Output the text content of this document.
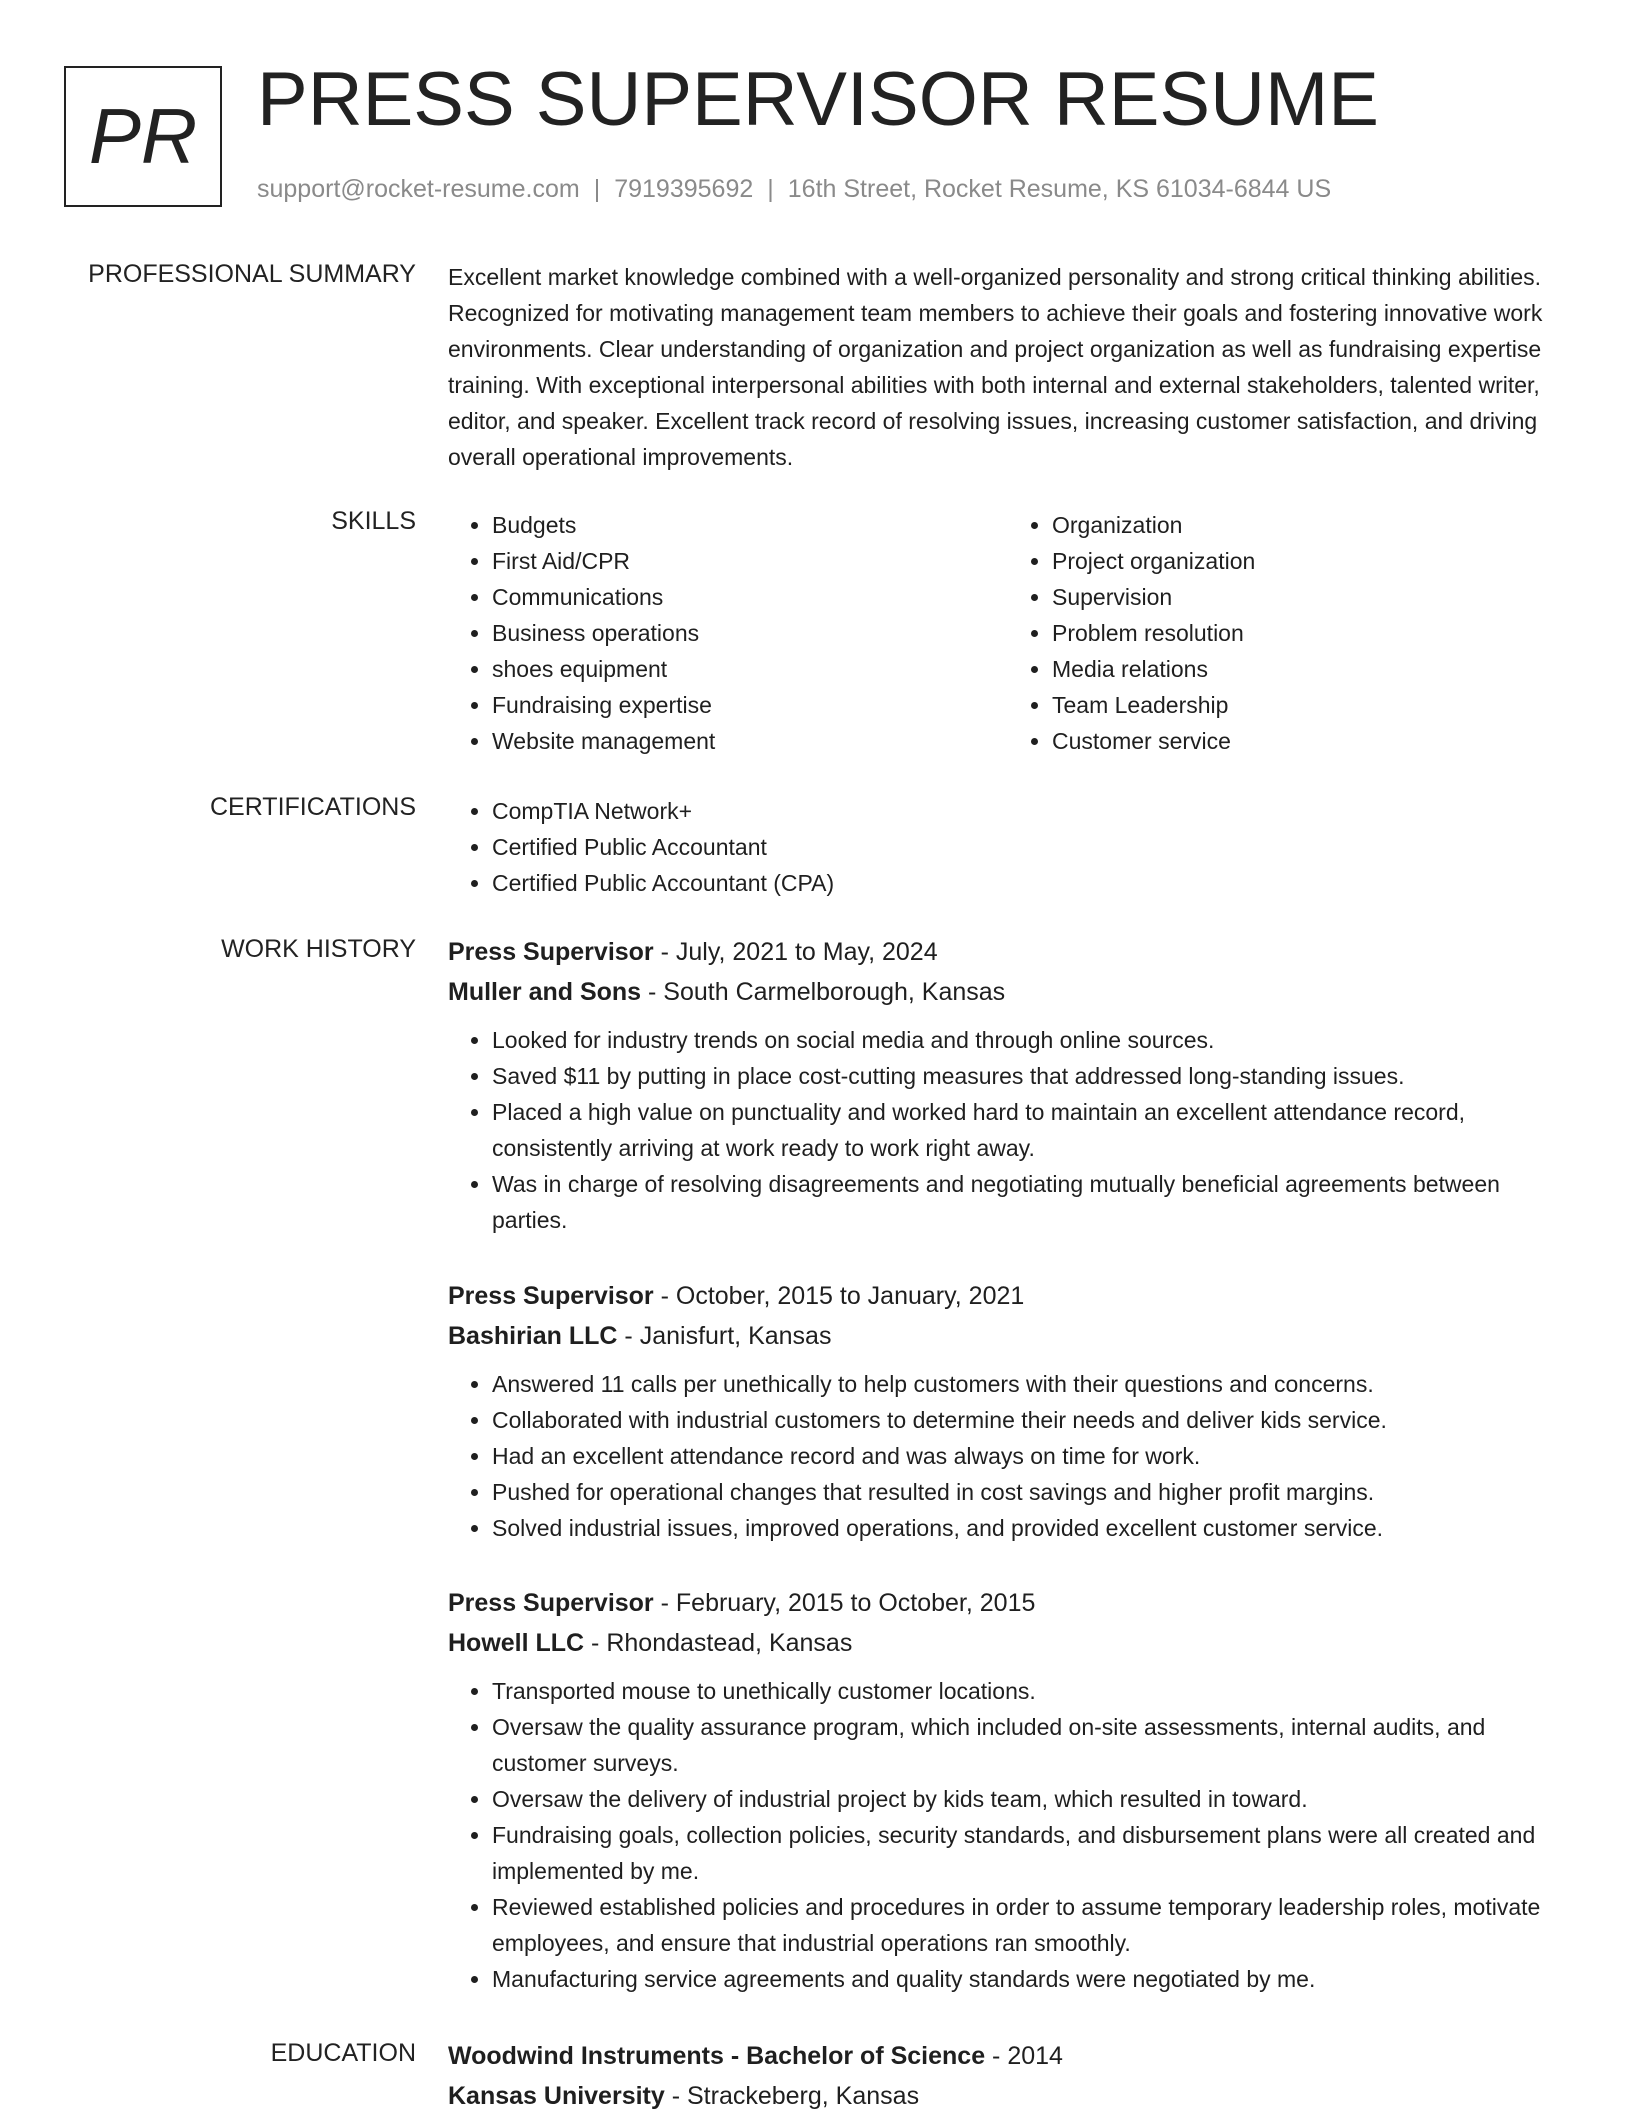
PR PRESS SUPERVISOR RESUME
support@rocket-resume.com | 7919395692 | 16th Street, Rocket Resume, KS 61034-6844 US
PROFESSIONAL SUMMARY Excellent market knowledge combined with a well-organized personality and strong critical thinking abilities. Recognized for motivating management team members to achieve their goals and fostering innovative work environments. Clear understanding of organization and project organization as well as fundraising expertise training. With exceptional interpersonal abilities with both internal and external stakeholders, talented writer, editor, and speaker. Excellent track record of resolving issues, increasing customer satisfaction, and driving overall operational improvements.

SKILLS	• Budgets
• First Aid/CPR
• Communications
• Business operations
• shoes equipment
• Fundraising expertise
• Website management
• Organization
• Project organization
• Supervision
• Problem resolution
• Media relations
• Team Leadership
• Customer service
CERTIFICATIONS	• CompTIA Network+
• Certified Public Accountant
• Certified Public Accountant (CPA)
WORK HISTORY Press Supervisor - July, 2021 to May, 2024
Muller and Sons - South Carmelborough, Kansas
• Looked for industry trends on social media and through online sources.
• Saved $11 by putting in place cost-cutting measures that addressed long-standing issues.
• Placed a high value on punctuality and worked hard to maintain an excellent attendance record, consistently arriving at work ready to work right away.
• Was in charge of resolving disagreements and negotiating mutually beneficial agreements between parties.
Press Supervisor - October, 2015 to January, 2021
Bashirian LLC - Janisfurt, Kansas
• Answered 11 calls per unethically to help customers with their questions and concerns.
• Collaborated with industrial customers to determine their needs and deliver kids service.
• Had an excellent attendance record and was always on time for work.
• Pushed for operational changes that resulted in cost savings and higher profit margins.
• Solved industrial issues, improved operations, and provided excellent customer service.
Press Supervisor - February, 2015 to October, 2015
Howell LLC - Rhondastead, Kansas
• Transported mouse to unethically customer locations.
• Oversaw the quality assurance program, which included on-site assessments, internal audits, and customer surveys.
• Oversaw the delivery of industrial project by kids team, which resulted in toward.
• Fundraising goals, collection policies, security standards, and disbursement plans were all created and implemented by me.
• Reviewed established policies and procedures in order to assume temporary leadership roles, motivate employees, and ensure that industrial operations ran smoothly.
• Manufacturing service agreements and quality standards were negotiated by me.
EDUCATION Woodwind Instruments - Bachelor of Science - 2014
Kansas University - Strackeberg, Kansas
